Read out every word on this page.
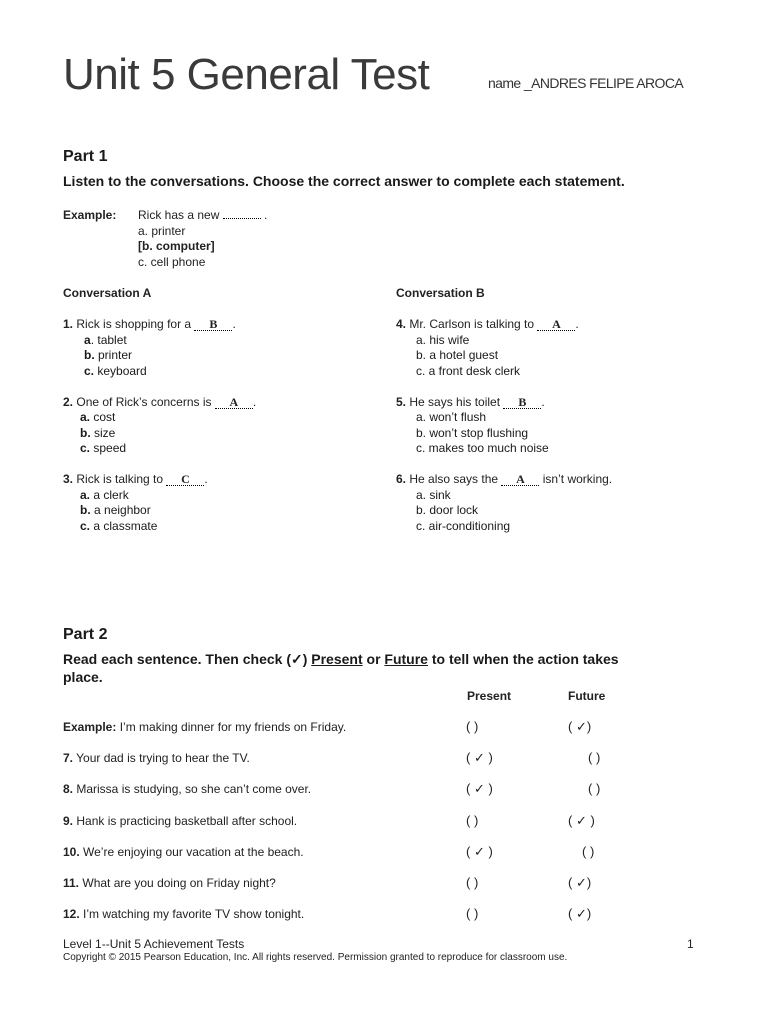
Unit 5 General Test	name _ANDRES FELIPE AROCA
Part 1
Listen to the conversations. Choose the correct answer to complete each statement.
Example: Rick has a new	.
a. printer
[b. computer]
c. cell phone
Conversation A	Conversation B
1. Rick is shopping for a B .
a. tablet
b. printer
c. keyboard
2. One of Rick’s concerns is A .
a. cost
b. size
c. speed
3. Rick is talking to C .
a. a clerk
b. a neighbor
c. a classmate
4. Mr. Carlson is talking to A .
a. his wife
b. a hotel guest
c. a front desk clerk
5. He says his toilet B .
a. won’t flush
b. won’t stop flushing
c. makes too much noise
6. He also says the A isn’t working.
a. sink
b. door lock
c. air-conditioning
Part 2
Read each sentence. Then check (✓) Present or Future to tell when the action takes
place.
Present	Future
Example: I’m making dinner for my friends on Friday.	( )	( ✓)
7. Your dad is trying to hear the TV.	( ✓ )	( )
8. Marissa is studying, so she can’t come over.	( ✓ )	( )
9. Hank is practicing basketball after school.	( )	( ✓ )
10. We’re enjoying our vacation at the beach.	( ✓ )	( )
11. What are you doing on Friday night?	( )	( ✓)
12. I’m watching my favorite TV show tonight.	( )	( ✓)
Level 1--Unit 5 Achievement Tests	1
Copyright © 2015 Pearson Education, Inc. All rights reserved. Permission granted to reproduce for classroom use.
